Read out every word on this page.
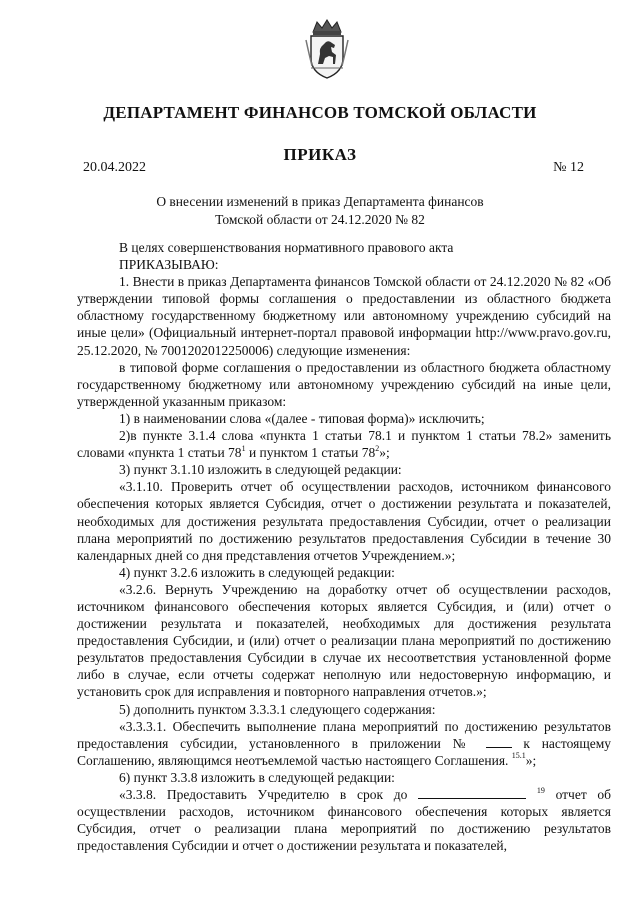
ДЕПАРТАМЕНТ ФИНАНСОВ ТОМСКОЙ ОБЛАСТИ
ПРИКАЗ
20.04.2022	№ 12
О внесении изменений в приказ Департамента финансов
Томской области от 24.12.2020 № 82

В целях совершенствования нормативного правового акта

ПРИКАЗЫВАЮ:

1. Внести в приказ Департамента финансов Томской области от 24.12.2020 № 82 «Об утверждении типовой формы соглашения о предоставлении из областного бюджета областному государственному бюджетному или автономному учреждению субсидий на иные цели» (Официальный интернет-портал правовой информации http://www.pravo.gov.ru, 25.12.2020, № 7001202012250006) следующие изменения:

в типовой форме соглашения о предоставлении из областного бюджета областному государственному бюджетному или автономному учреждению субсидий на иные цели, утвержденной указанным приказом:

1) в наименовании слова «(далее - типовая форма)» исключить;

2)в пункте 3.1.4 слова «пункта 1 статьи 78.1 и пунктом 1 статьи 78.2» заменить словами «пункта 1 статьи $78^1$ и пунктом 1 статьи $78^2$»;

3) пункт 3.1.10 изложить в следующей редакции:

«3.1.10. Проверить отчет об осуществлении расходов, источником финансового обеспечения которых является Субсидия, отчет о достижении результата и показателей, необходимых для достижения результата предоставления Субсидии, отчет о реализации плана мероприятий по достижению результатов предоставления Субсидии в течение 30 календарных дней со дня представления отчетов Учреждением.»;

4) пункт 3.2.6 изложить в следующей редакции:

«3.2.6. Вернуть Учреждению на доработку отчет об осуществлении расходов, источником финансового обеспечения которых является Субсидия, и (или) отчет о достижении результата и показателей, необходимых для достижения результата предоставления Субсидии, и (или) отчет о реализации плана мероприятий по достижению результатов предоставления Субсидии в случае их несоответствия установленной форме либо в случае, если отчеты содержат неполную или недостоверную информацию, и установить срок для исправления и повторного направления отчетов.»;

5) дополнить пунктом 3.3.3.1 следующего содержания:

«3.3.3.1. Обеспечить выполнение плана мероприятий по достижению результатов предоставления субсидии, установленного в приложении №	к настоящему Соглашению, являющимся неотъемлемой частью настоящего Соглашения. $^{15.1}$»;

6) пункт 3.3.8 изложить в следующей редакции:

«3.3.8. Предоставить Учредителю в срок до	$^{19}$ отчет об осуществлении расходов, источником финансового обеспечения которых является Субсидия, отчет о реализации плана мероприятий по достижению результатов предоставления Субсидии и отчет о достижении результата и показателей,
